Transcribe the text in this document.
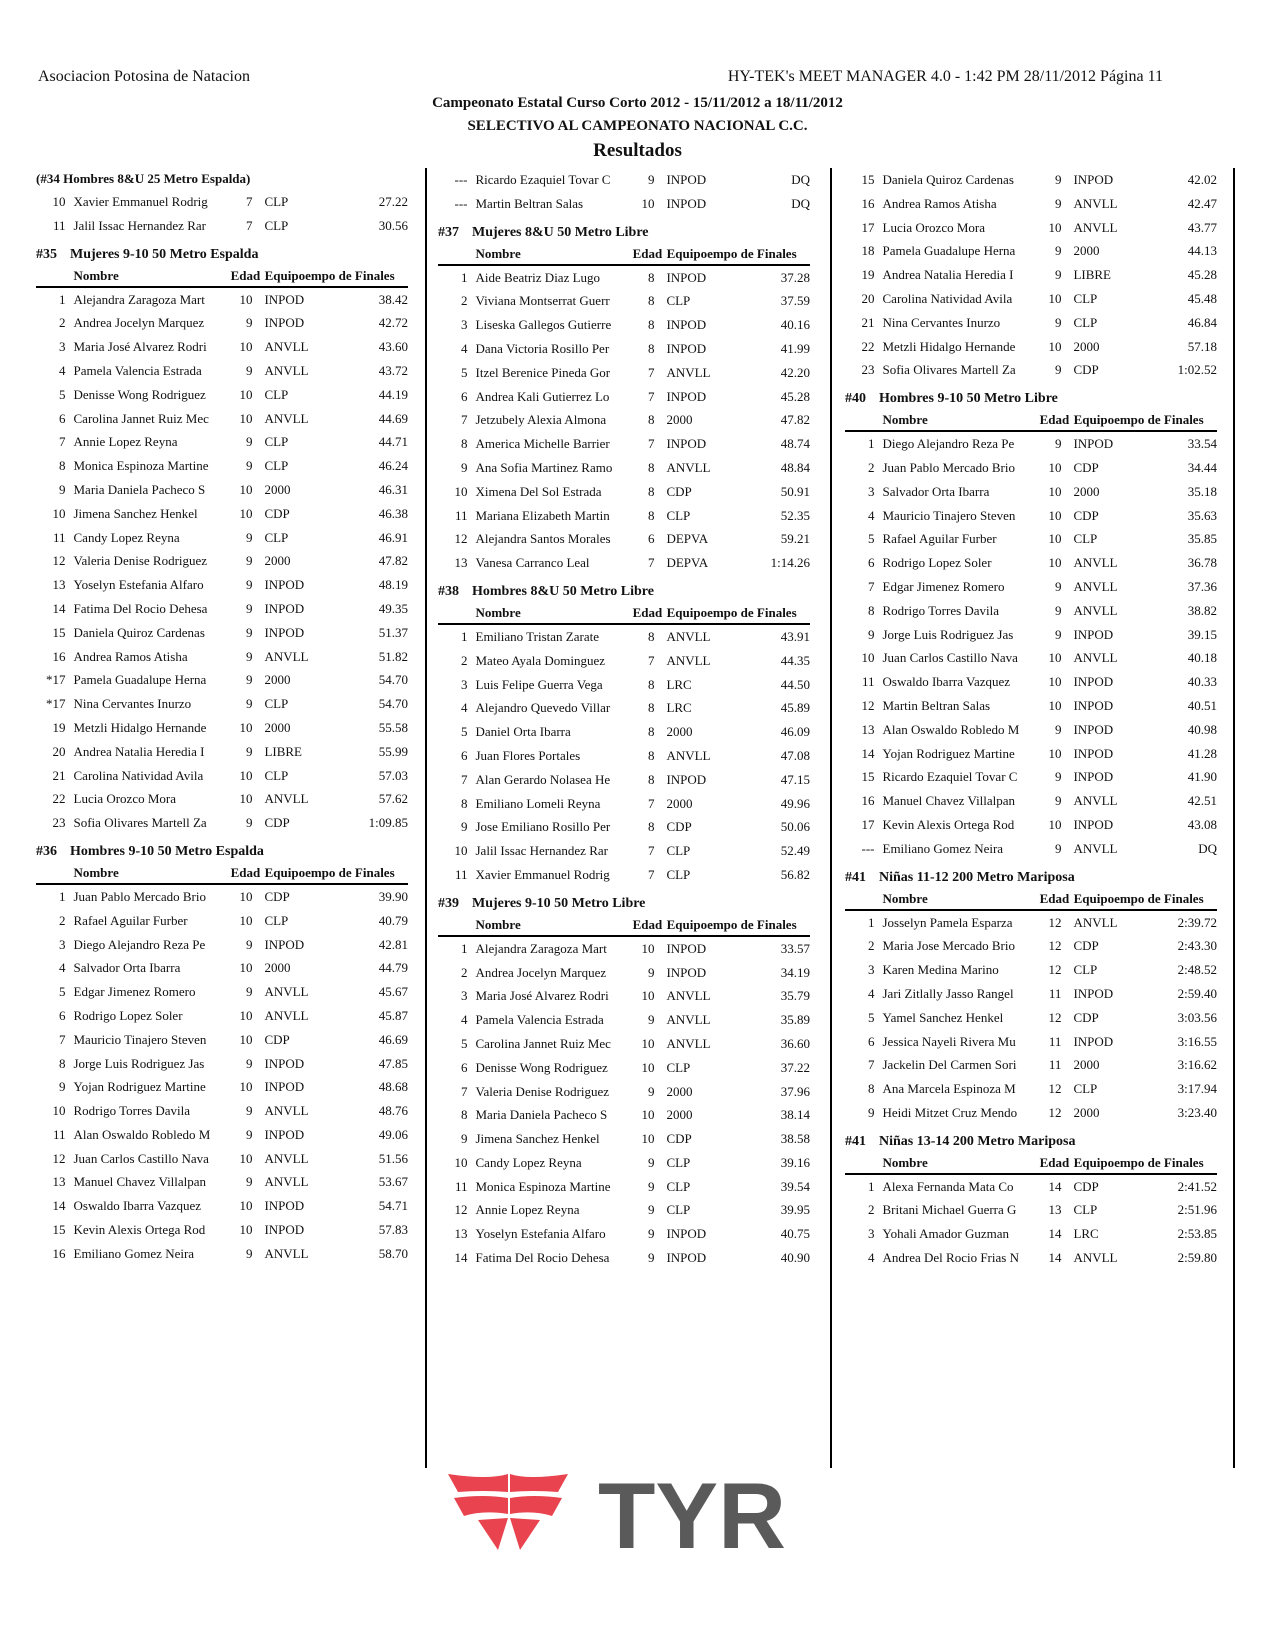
Asociacion Potosina de Natacion	HY-TEK's MEET MANAGER 4.0 - 1:42 PM 28/11/2012 Página 11
Campeonato Estatal Curso Corto 2012 - 15/11/2012 a 18/11/2012
SELECTIVO AL CAMPEONATO NACIONAL C.C.
Resultados
(#34 Hombres 8&U 25 Metro Espalda)
10 Xavier Emmanuel Rodrig	7 CLP	27.22
11 Jalil Issac Hernandez Rar	7 CLP	30.56
#35 Mujeres 9-10 50 Metro Espalda
Nombre	Edad Equipoempo de Finales
1 Alejandra Zaragoza Mart	10 INPOD	38.42
2 Andrea Jocelyn Marquez	9 INPOD	42.72
3 Maria José Alvarez Rodri	10 ANVLL	43.60
4 Pamela Valencia Estrada	9 ANVLL	43.72
5 Denisse Wong Rodriguez	10 CLP	44.19
6 Carolina Jannet Ruiz Mec	10 ANVLL	44.69
7 Annie Lopez Reyna	9 CLP	44.71
8 Monica Espinoza Martine	9 CLP	46.24
9 Maria Daniela Pacheco S	10 2000	46.31
10 Jimena Sanchez Henkel	10 CDP	46.38
11 Candy Lopez Reyna	9 CLP	46.91
12 Valeria Denise Rodriguez	9 2000	47.82
13 Yoselyn Estefania Alfaro	9 INPOD	48.19
14 Fatima Del Rocio Dehesa	9 INPOD	49.35
15 Daniela Quiroz Cardenas	9 INPOD	51.37
16 Andrea Ramos Atisha	9 ANVLL	51.82
*17 Pamela Guadalupe Herna	9 2000	54.70
*17 Nina Cervantes Inurzo	9 CLP	54.70
19 Metzli Hidalgo Hernande	10 2000	55.58
20 Andrea Natalia Heredia I	9 LIBRE	55.99
21 Carolina Natividad Avila	10 CLP	57.03
22 Lucia Orozco Mora	10 ANVLL	57.62
23 Sofia Olivares Martell Za	9 CDP	1:09.85
#36 Hombres 9-10 50 Metro Espalda
Nombre	Edad Equipoempo de Finales
1 Juan Pablo Mercado Brio	10 CDP	39.90
2 Rafael Aguilar Furber	10 CLP	40.79
3 Diego Alejandro Reza Pe	9 INPOD	42.81
4 Salvador Orta Ibarra	10 2000	44.79
5 Edgar Jimenez Romero	9 ANVLL	45.67
6 Rodrigo Lopez Soler	10 ANVLL	45.87
7 Mauricio Tinajero Steven	10 CDP	46.69
8 Jorge Luis Rodriguez Jas	9 INPOD	47.85
9 Yojan Rodriguez Martine	10 INPOD	48.68
10 Rodrigo Torres Davila	9 ANVLL	48.76
11 Alan Oswaldo Robledo M	9 INPOD	49.06
12 Juan Carlos Castillo Nava	10 ANVLL	51.56
13 Manuel Chavez Villalpan	9 ANVLL	53.67
14 Oswaldo Ibarra Vazquez	10 INPOD	54.71
15 Kevin Alexis Ortega Rod	10 INPOD	57.83
16 Emiliano Gomez Neira	9 ANVLL	58.70
--- Ricardo Ezaquiel Tovar C	9 INPOD	DQ
--- Martin Beltran Salas	10 INPOD	DQ
#37 Mujeres 8&U 50 Metro Libre
Nombre	Edad Equipoempo de Finales
1 Aide Beatriz Diaz Lugo	8 INPOD	37.28
2 Viviana Montserrat Guerr	8 CLP	37.59
3 Liseska Gallegos Gutierre	8 INPOD	40.16
4 Dana Victoria Rosillo Per	8 INPOD	41.99
5 Itzel Berenice Pineda Gor	7 ANVLL	42.20
6 Andrea Kali Gutierrez Lo	7 INPOD	45.28
7 Jetzubely Alexia Almona	8 2000	47.82
8 America Michelle Barrier	7 INPOD	48.74
9 Ana Sofia Martinez Ramo	8 ANVLL	48.84
10 Ximena Del Sol Estrada	8 CDP	50.91
11 Mariana Elizabeth Martin	8 CLP	52.35
12 Alejandra Santos Morales	6 DEPVA	59.21
13 Vanesa Carranco Leal	7 DEPVA	1:14.26
#38 Hombres 8&U 50 Metro Libre
Nombre	Edad Equipoempo de Finales
1 Emiliano Tristan Zarate	8 ANVLL	43.91
2 Mateo Ayala Dominguez	7 ANVLL	44.35
3 Luis Felipe Guerra Vega	8 LRC	44.50
4 Alejandro Quevedo Villar	8 LRC	45.89
5 Daniel Orta Ibarra	8 2000	46.09
6 Juan Flores Portales	8 ANVLL	47.08
7 Alan Gerardo Nolasea He	8 INPOD	47.15
8 Emiliano Lomeli Reyna	7 2000	49.96
9 Jose Emiliano Rosillo Per	8 CDP	50.06
10 Jalil Issac Hernandez Rar	7 CLP	52.49
11 Xavier Emmanuel Rodrig	7 CLP	56.82
#39 Mujeres 9-10 50 Metro Libre
Nombre	Edad Equipoempo de Finales
1 Alejandra Zaragoza Mart	10 INPOD	33.57
2 Andrea Jocelyn Marquez	9 INPOD	34.19
3 Maria José Alvarez Rodri	10 ANVLL	35.79
4 Pamela Valencia Estrada	9 ANVLL	35.89
5 Carolina Jannet Ruiz Mec	10 ANVLL	36.60
6 Denisse Wong Rodriguez	10 CLP	37.22
7 Valeria Denise Rodriguez	9 2000	37.96
8 Maria Daniela Pacheco S	10 2000	38.14
9 Jimena Sanchez Henkel	10 CDP	38.58
10 Candy Lopez Reyna	9 CLP	39.16
11 Monica Espinoza Martine	9 CLP	39.54
12 Annie Lopez Reyna	9 CLP	39.95
13 Yoselyn Estefania Alfaro	9 INPOD	40.75
14 Fatima Del Rocio Dehesa	9 INPOD	40.90
15 Daniela Quiroz Cardenas	9 INPOD	42.02
16 Andrea Ramos Atisha	9 ANVLL	42.47
17 Lucia Orozco Mora	10 ANVLL	43.77
18 Pamela Guadalupe Herna	9 2000	44.13
19 Andrea Natalia Heredia I	9 LIBRE	45.28
20 Carolina Natividad Avila	10 CLP	45.48
21 Nina Cervantes Inurzo	9 CLP	46.84
22 Metzli Hidalgo Hernande	10 2000	57.18
23 Sofia Olivares Martell Za	9 CDP	1:02.52
#40 Hombres 9-10 50 Metro Libre
Nombre	Edad Equipoempo de Finales
1 Diego Alejandro Reza Pe	9 INPOD	33.54
2 Juan Pablo Mercado Brio	10 CDP	34.44
3 Salvador Orta Ibarra	10 2000	35.18
4 Mauricio Tinajero Steven	10 CDP	35.63
5 Rafael Aguilar Furber	10 CLP	35.85
6 Rodrigo Lopez Soler	10 ANVLL	36.78
7 Edgar Jimenez Romero	9 ANVLL	37.36
8 Rodrigo Torres Davila	9 ANVLL	38.82
9 Jorge Luis Rodriguez Jas	9 INPOD	39.15
10 Juan Carlos Castillo Nava	10 ANVLL	40.18
11 Oswaldo Ibarra Vazquez	10 INPOD	40.33
12 Martin Beltran Salas	10 INPOD	40.51
13 Alan Oswaldo Robledo M	9 INPOD	40.98
14 Yojan Rodriguez Martine	10 INPOD	41.28
15 Ricardo Ezaquiel Tovar C	9 INPOD	41.90
16 Manuel Chavez Villalpan	9 ANVLL	42.51
17 Kevin Alexis Ortega Rod	10 INPOD	43.08
--- Emiliano Gomez Neira	9 ANVLL	DQ
#41 Niñas 11-12 200 Metro Mariposa
Nombre	Edad Equipoempo de Finales
1 Josselyn Pamela Esparza	12 ANVLL	2:39.72
2 Maria Jose Mercado Brio	12 CDP	2:43.30
3 Karen Medina Marino	12 CLP	2:48.52
4 Jari Zitlally Jasso Rangel	11 INPOD	2:59.40
5 Yamel Sanchez Henkel	12 CDP	3:03.56
6 Jessica Nayeli Rivera Mu	11 INPOD	3:16.55
7 Jackelin Del Carmen Sori	11 2000	3:16.62
8 Ana Marcela Espinoza M	12 CLP	3:17.94
9 Heidi Mitzet Cruz Mendo	12 2000	3:23.40
#41 Niñas 13-14 200 Metro Mariposa
Nombre	Edad Equipoempo de Finales
1 Alexa Fernanda Mata Co	14 CDP	2:41.52
2 Britani Michael Guerra G	13 CLP	2:51.96
3 Yohali Amador Guzman	14 LRC	2:53.85
4 Andrea Del Rocio Frias N	14 ANVLL	2:59.80
TYR
